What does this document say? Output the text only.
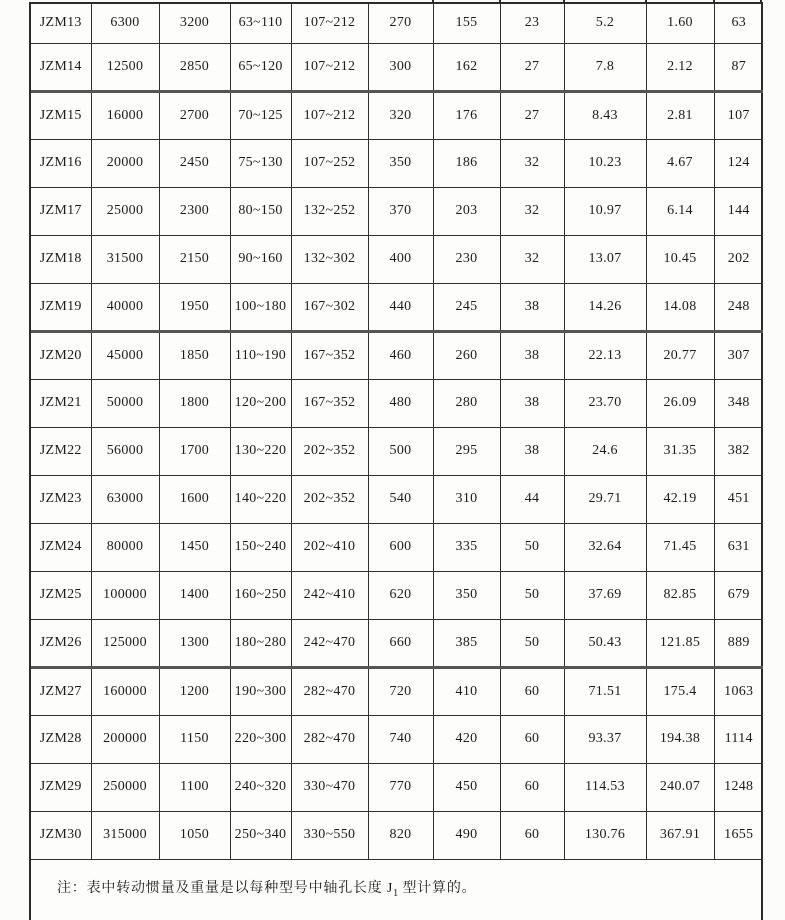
JZM13	6300	3200	63~110	107~212	270	155	23	5.2	1.60	63
JZM14	12500	2850	65~120	107~212	300	162	27	7.8	2.12	87
JZM15	16000	2700	70~125	107~212	320	176	27	8.43	2.81	107
JZM16	20000	2450	75~130	107~252	350	186	32	10.23	4.67	124
JZM17	25000	2300	80~150	132~252	370	203	32	10.97	6.14	144
JZM18	31500	2150	90~160	132~302	400	230	32	13.07	10.45	202
JZM19	40000	1950	100~180	167~302	440	245	38	14.26	14.08	248
JZM20	45000	1850	110~190	167~352	460	260	38	22.13	20.77	307
JZM21	50000	1800	120~200	167~352	480	280	38	23.70	26.09	348
JZM22	56000	1700	130~220	202~352	500	295	38	24.6	31.35	382
JZM23	63000	1600	140~220	202~352	540	310	44	29.71	42.19	451
JZM24	80000	1450	150~240	202~410	600	335	50	32.64	71.45	631
JZM25	100000	1400	160~250	242~410	620	350	50	37.69	82.85	679
JZM26	125000	1300	180~280	242~470	660	385	50	50.43	121.85	889
JZM27	160000	1200	190~300	282~470	720	410	60	71.51	175.4	1063
JZM28	200000	1150	220~300	282~470	740	420	60	93.37	194.38	1114
JZM29	250000	1100	240~320	330~470	770	450	60	114.53	240.07	1248
JZM30	315000	1050	250~340	330~550	820	490	60	130.76	367.91	1655
注：表中转动惯量及重量是以每种型号中轴孔长度 $J_1$ 型计算的。
